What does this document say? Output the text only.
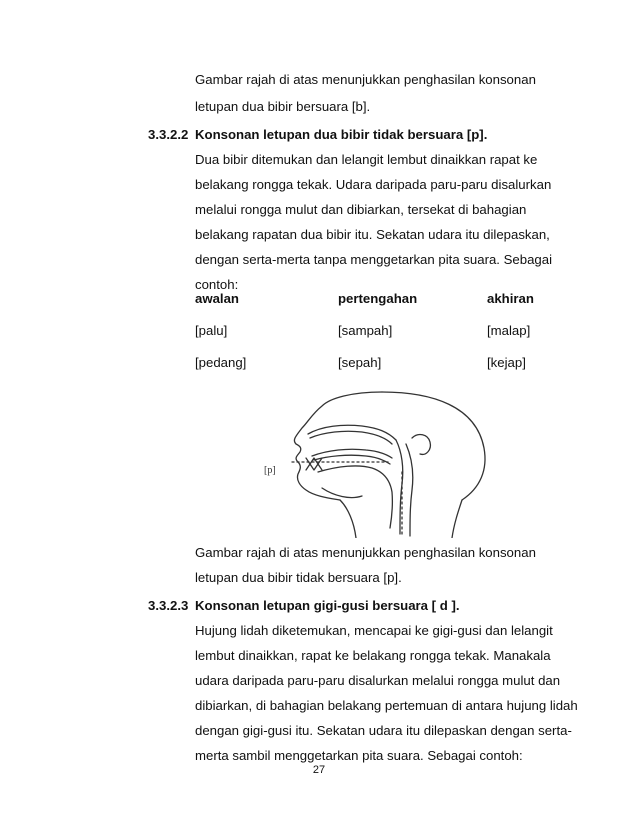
Gambar rajah di atas menunjukkan penghasilan konsonan
letupan dua bibir bersuara [b].
3.3.2.2 Konsonan letupan dua bibir tidak bersuara [p].
Dua bibir ditemukan dan lelangit lembut dinaikkan rapat ke
belakang rongga tekak. Udara daripada paru-paru disalurkan
melalui rongga mulut dan dibiarkan, tersekat di bahagian
belakang rapatan dua bibir itu. Sekatan udara itu dilepaskan,
dengan serta-merta tanpa menggetarkan pita suara. Sebagai
contoh:
awalan	pertengahan	akhiran
[palu]	[sampah]	[malap]
[pedang]	[sepah]	[kejap]
[p]
Gambar rajah di atas menunjukkan penghasilan konsonan
letupan dua bibir tidak bersuara [p].
3.3.2.3 Konsonan letupan gigi-gusi bersuara [ d ].
Hujung lidah diketemukan, mencapai ke gigi-gusi dan lelangit
lembut dinaikkan, rapat ke belakang rongga tekak. Manakala
udara daripada paru-paru disalurkan melalui rongga mulut dan
dibiarkan, di bahagian belakang pertemuan di antara hujung lidah
dengan gigi-gusi itu. Sekatan udara itu dilepaskan dengan serta-
merta sambil menggetarkan pita suara. Sebagai contoh:
27
